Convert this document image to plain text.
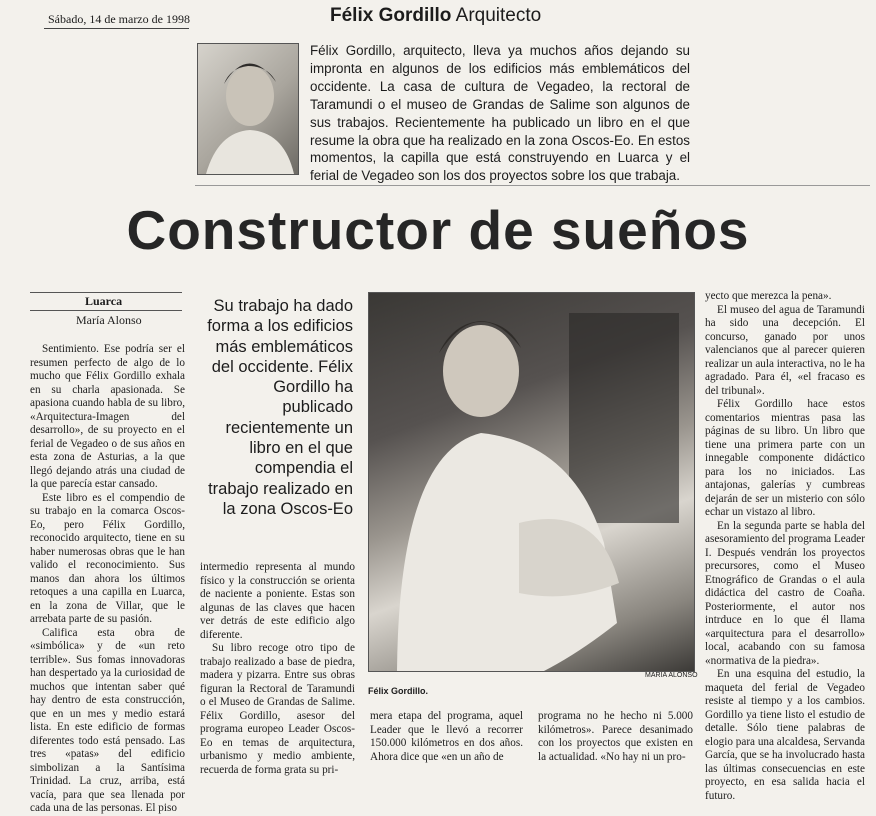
Sábado, 14 de marzo de 1998	Félix Gordillo Arquitecto
Félix Gordillo, arquitecto, lleva ya muchos años dejando su impronta en algunos de los edificios más emblemáticos del occidente. La casa de cultura de Vegadeo, la rectoral de Taramundi o el museo de Grandas de Salime son algunos de sus trabajos. Recientemente ha publicado un libro en el que resume la obra que ha realizado en la zona Oscos-Eo. En estos momentos, la capilla que está construyendo en Luarca y el ferial de Vegadeo son los dos proyectos sobre los que trabaja.
Constructor de sueños
Luarca
María Alonso

Sentimiento. Ese podría ser el resumen perfecto de algo de lo mucho que Félix Gordillo exhala en su charla apasionada. Se apasiona cuando habla de su libro, «Arquitectura-Imagen del desarrollo», de su proyecto en el ferial de Vegadeo o de sus años en esta zona de Asturias, a la que llegó dejando atrás una ciudad de la que parecía estar cansado.

Este libro es el compendio de su trabajo en la comarca Oscos-Eo, pero Félix Gordillo, reconocido arquitecto, tiene en su haber numerosas obras que le han valido el reconocimiento. Sus manos dan ahora los últimos retoques a una capilla en Luarca, en la zona de Villar, que le arrebata parte de su pasión.

Califica esta obra de «simbólica» y de «un reto terrible». Sus fomas innovadoras han despertado ya la curiosidad de muchos que intentan saber qué hay dentro de esta construcción, que en un mes y medio estará lista. En este edificio de formas diferentes todo está pensado. Las tres «patas» del edificio simbolizan a la Santísima Trinidad. La cruz, arriba, está vacía, para que sea llenada por cada una de las personas. El piso

Su trabajo ha dado forma a los edificios más emblemáticos del occidente. Félix Gordillo ha publicado recientemente un libro en el que compendia el trabajo realizado en la zona Oscos-Eo
MARIA ALONSO
Félix Gordillo.

intermedio representa al mundo físico y la construcción se orienta de naciente a poniente. Estas son algunas de las claves que hacen ver detrás de este edificio algo diferente.

Su libro recoge otro tipo de trabajo realizado a base de piedra, madera y pizarra. Entre sus obras figuran la Rectoral de Taramundi o el Museo de Grandas de Salime. Félix Gordillo, asesor del programa europeo Leader Oscos-Eo en temas de arquitectura, urbanismo y medio ambiente, recuerda de forma grata su pri-

mera etapa del programa, aquel Leader que le llevó a recorrer 150.000 kilómetros en dos años. Ahora dice que «en un año de
programa no he hecho ni 5.000 kilómetros». Parece desanimado con los proyectos que existen en la actualidad. «No hay ni un pro-

yecto que merezca la pena».

El museo del agua de Taramundi ha sido una decepción. El concurso, ganado por unos valencianos que al parecer quieren realizar un aula interactiva, no le ha agradado. Para él, «el fracaso es del tribunal».

Félix Gordillo hace estos comentarios mientras pasa las páginas de su libro. Un libro que tiene una primera parte con un innegable componente didáctico para los no iniciados. Las antajonas, galerías y cumbreas dejarán de ser un misterio con sólo echar un vistazo al libro.

En la segunda parte se habla del asesoramiento del programa Leader I. Después vendrán los proyectos precursores, como el Museo Etnográfico de Grandas o el aula didáctica del castro de Coaña. Posteriormente, el autor nos intrduce en lo que él llama «arquitectura para el desarrollo» local, acabando con su famosa «normativa de la piedra».

En una esquina del estudio, la maqueta del ferial de Vegadeo resiste al tiempo y a los cambios. Gordillo ya tiene listo el estudio de detalle. Sólo tiene palabras de elogio para una alcaldesa, Servanda García, que se ha involucrado hasta las últimas consecuencias en este proyecto, en esa salida hacia el futuro.
